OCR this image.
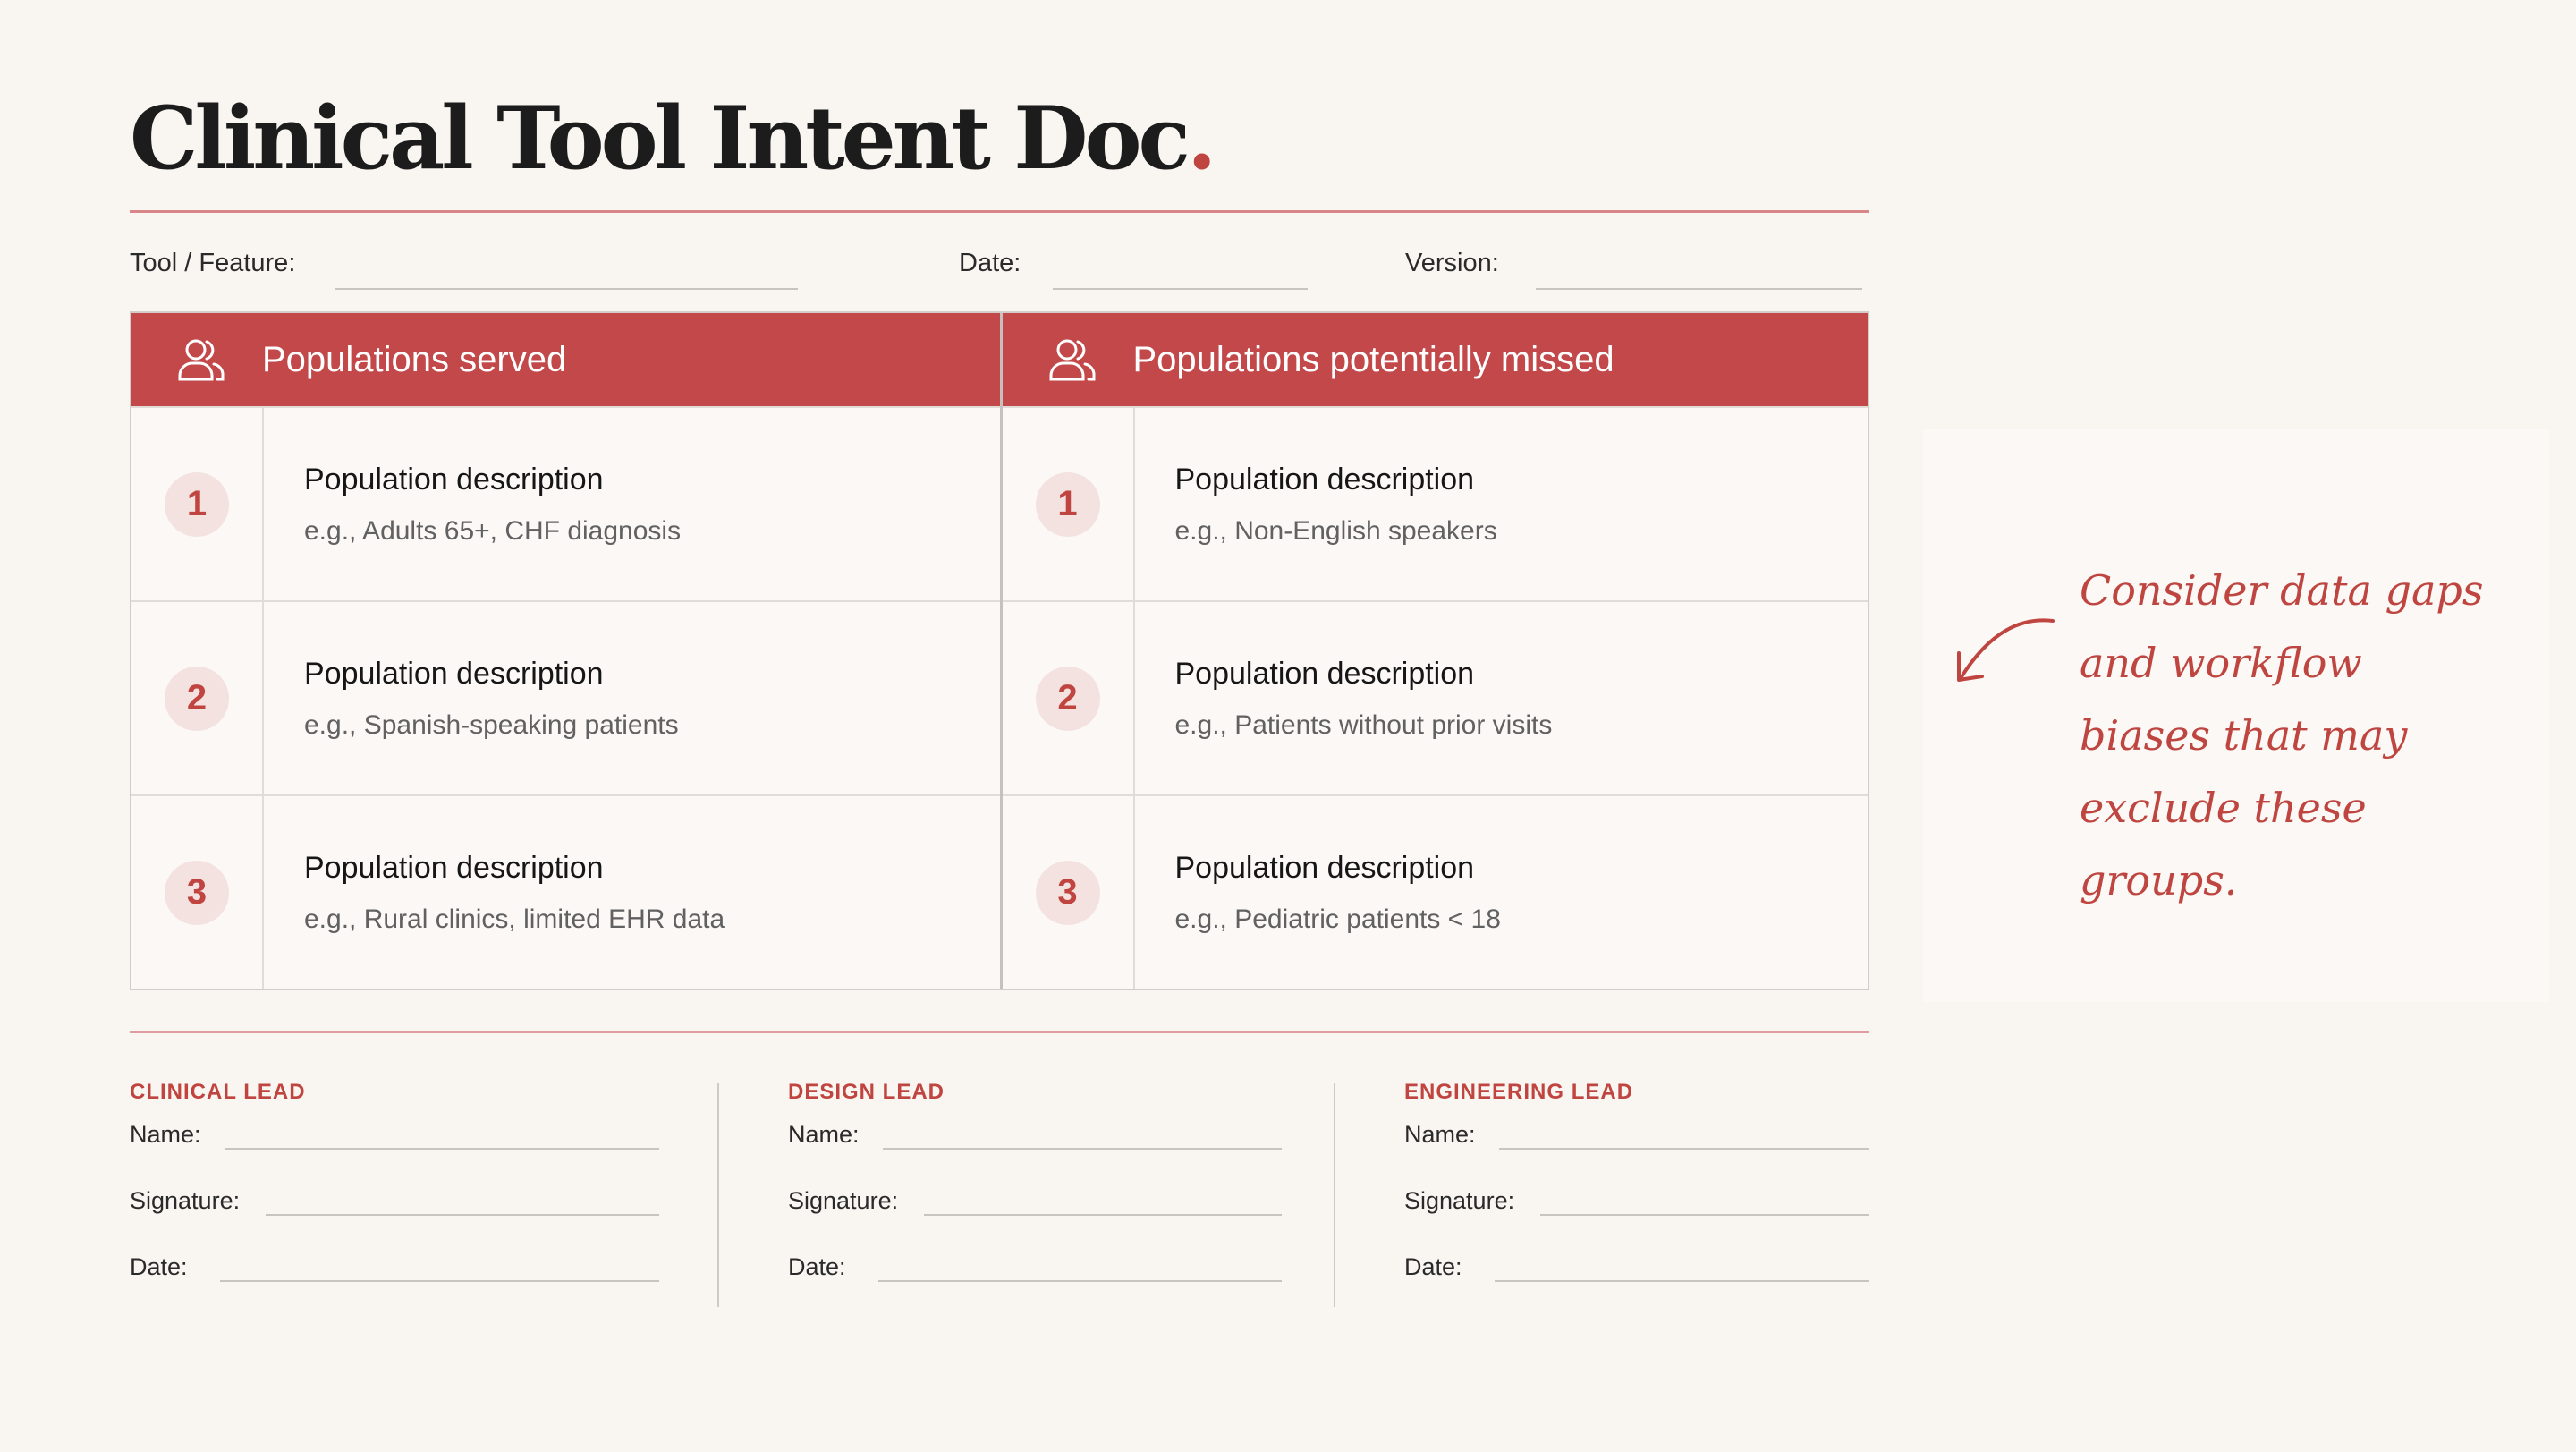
Clinical Tool Intent Doc.
Tool / Feature:	Date:	Version:
Populations served
1
Population description
e.g., Adults 65+, CHF diagnosis
2
Population description
e.g., Spanish-speaking patients
3
Population description
e.g., Rural clinics, limited EHR data
Populations potentially missed
1
Population description
e.g., Non-English speakers
2
Population description
e.g., Patients without prior visits
3
Population description
e.g., Pediatric patients < 18
CLINICAL LEAD
Name:
Signature:
Date:
DESIGN LEAD
Name:
Signature:
Date:
ENGINEERING LEAD
Name:
Signature:
Date:
Consider data gaps and workflow biases that may exclude these groups.
